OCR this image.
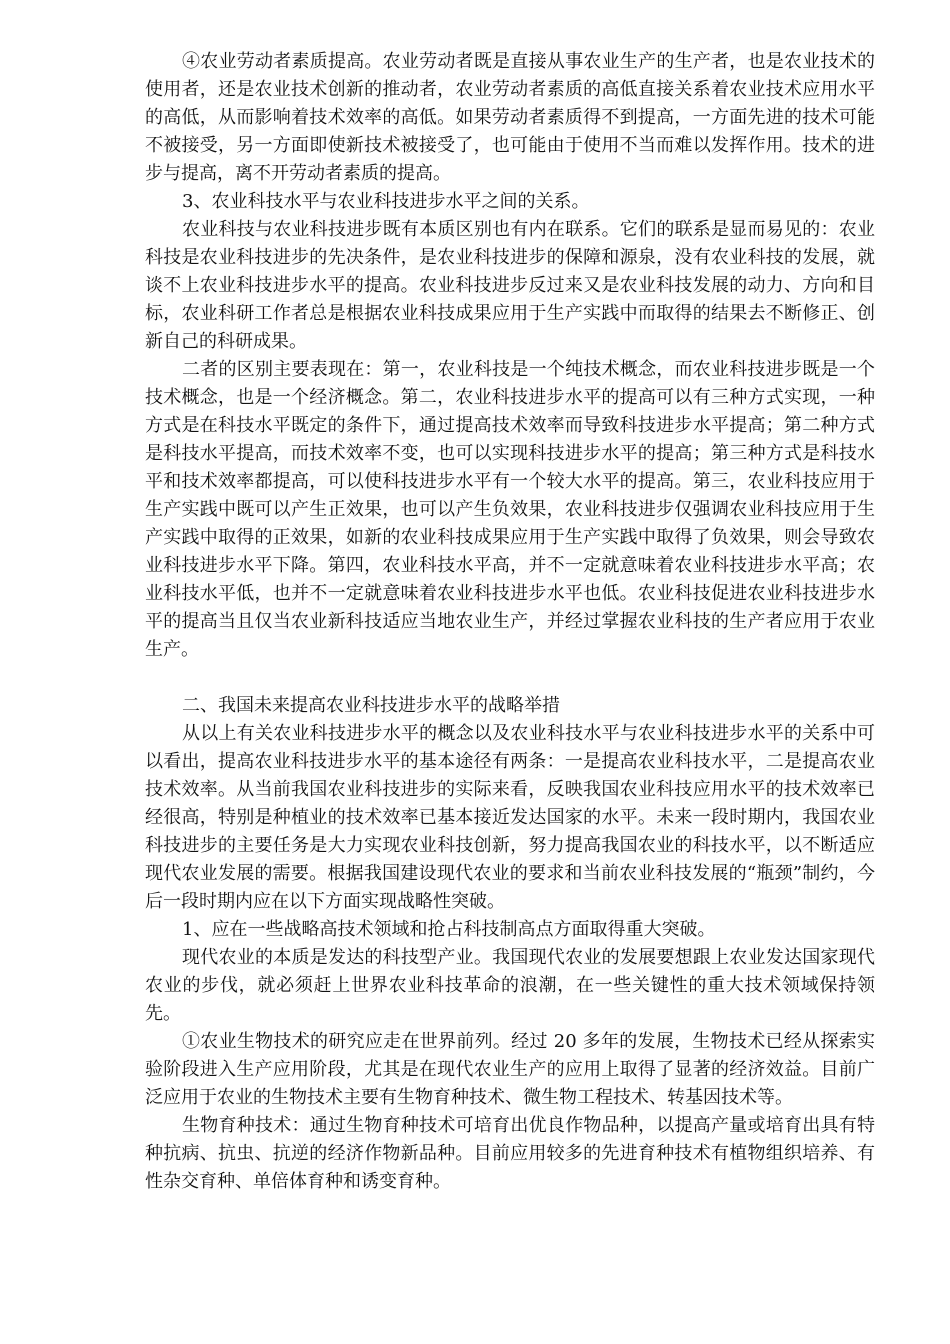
④农业劳动者素质提高。农业劳动者既是直接从事农业生产的生产者，也是农业技术的使用者，还是农业技术创新的推动者，农业劳动者素质的高低直接关系着农业技术应用水平的高低，从而影响着技术效率的高低。如果劳动者素质得不到提高，一方面先进的技术可能不被接受，另一方面即使新技术被接受了，也可能由于使用不当而难以发挥作用。技术的进步与提高，离不开劳动者素质的提高。

3、农业科技水平与农业科技进步水平之间的关系。

农业科技与农业科技进步既有本质区别也有内在联系。它们的联系是显而易见的：农业科技是农业科技进步的先决条件，是农业科技进步的保障和源泉，没有农业科技的发展，就谈不上农业科技进步水平的提高。农业科技进步反过来又是农业科技发展的动力、方向和目标，农业科研工作者总是根据农业科技成果应用于生产实践中而取得的结果去不断修正、创新自己的科研成果。

二者的区别主要表现在：第一，农业科技是一个纯技术概念，而农业科技进步既是一个技术概念，也是一个经济概念。第二，农业科技进步水平的提高可以有三种方式实现，一种方式是在科技水平既定的条件下，通过提高技术效率而导致科技进步水平提高；第二种方式是科技水平提高，而技术效率不变，也可以实现科技进步水平的提高；第三种方式是科技水平和技术效率都提高，可以使科技进步水平有一个较大水平的提高。第三，农业科技应用于生产实践中既可以产生正效果，也可以产生负效果，农业科技进步仅强调农业科技应用于生产实践中取得的正效果，如新的农业科技成果应用于生产实践中取得了负效果，则会导致农业科技进步水平下降。第四，农业科技水平高，并不一定就意味着农业科技进步水平高；农业科技水平低，也并不一定就意味着农业科技进步水平也低。农业科技促进农业科技进步水平的提高当且仅当农业新科技适应当地农业生产，并经过掌握农业科技的生产者应用于农业生产。

二、我国未来提高农业科技进步水平的战略举措

从以上有关农业科技进步水平的概念以及农业科技水平与农业科技进步水平的关系中可以看出，提高农业科技进步水平的基本途径有两条：一是提高农业科技水平，二是提高农业技术效率。从当前我国农业科技进步的实际来看，反映我国农业科技应用水平的技术效率已经很高，特别是种植业的技术效率已基本接近发达国家的水平。未来一段时期内，我国农业科技进步的主要任务是大力实现农业科技创新，努力提高我国农业的科技水平，以不断适应现代农业发展的需要。根据我国建设现代农业的要求和当前农业科技发展的“瓶颈”制约，今后一段时期内应在以下方面实现战略性突破。

1、应在一些战略高技术领域和抢占科技制高点方面取得重大突破。

现代农业的本质是发达的科技型产业。我国现代农业的发展要想跟上农业发达国家现代农业的步伐，就必须赶上世界农业科技革命的浪潮，在一些关键性的重大技术领域保持领先。

①农业生物技术的研究应走在世界前列。经过 20 多年的发展，生物技术已经从探索实验阶段进入生产应用阶段，尤其是在现代农业生产的应用上取得了显著的经济效益。目前广泛应用于农业的生物技术主要有生物育种技术、微生物工程技术、转基因技术等。

生物育种技术：通过生物育种技术可培育出优良作物品种，以提高产量或培育出具有特种抗病、抗虫、抗逆的经济作物新品种。目前应用较多的先进育种技术有植物组织培养、有性杂交育种、单倍体育种和诱变育种。
